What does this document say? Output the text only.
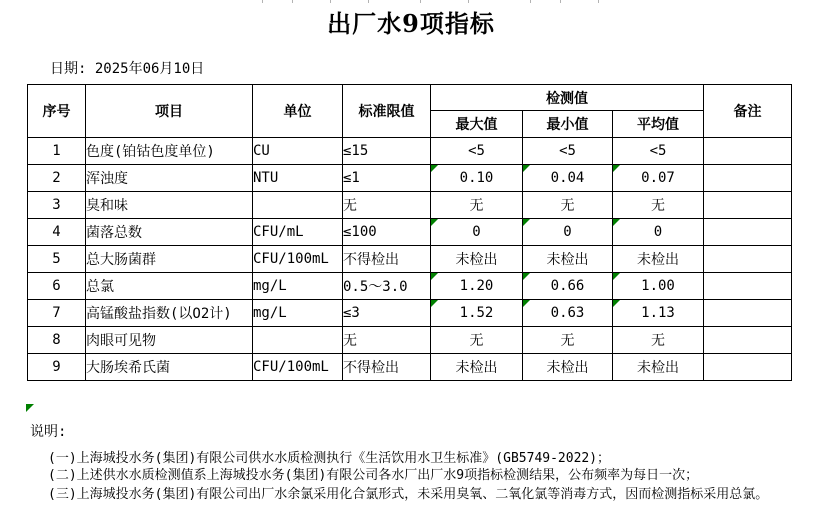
出厂水9项指标
日期: 2025年06月10日
序号	项目	单位	标准限值	检测值			备注
				最大值	最小值	平均值	
1	色度(铂钴色度单位)	CU	≤15	<5	<5	<5	
2	浑浊度	NTU	≤1	0.10	0.04	0.07	
3	臭和味		无	无	无	无	
4	菌落总数	CFU/mL	≤100	0	0	0	
5	总大肠菌群	CFU/100mL	不得检出	未检出	未检出	未检出	
6	总氯	mg/L	0.5～3.0	1.20	0.66	1.00	
7	高锰酸盐指数(以O2计)	mg/L	≤3	1.52	0.63	1.13	
8	肉眼可见物		无	无	无	无	
9	大肠埃希氏菌	CFU/100mL	不得检出	未检出	未检出	未检出	
说明:
(一)上海城投水务(集团)有限公司供水水质检测执行《生活饮用水卫生标准》(GB5749-2022)；
(二)上述供水水质检测值系上海城投水务(集团)有限公司各水厂出厂水9项指标检测结果，公布频率为每日一次；
(三)上海城投水务(集团)有限公司出厂水余氯采用化合氯形式，未采用臭氧、二氧化氯等消毒方式，因而检测指标采用总氯。
